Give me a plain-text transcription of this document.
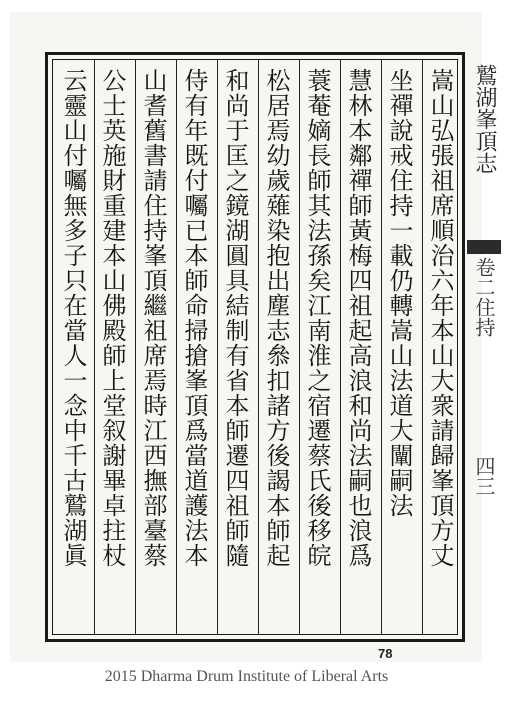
嵩山弘張祖席順治六年本山大衆請歸峯頂方丈
坐禪說戒住持一載仍轉嵩山法道大闡嗣法
慧林本鄰禪師黃梅四祖起高浪和尚法嗣也浪爲
蓑菴嫡長師其法孫矣江南淮之宿遷蔡氏後移皖
松居焉幼歲薙染抱出塵志叅扣諸方後謁本師起
和尚于匡之鏡湖圓具結制有省本師遷四祖師隨
侍有年既付囑已本師命掃搶峯頂爲當道護法本
山耆舊書請住持峯頂繼祖席焉時江西撫部臺蔡
公士英施財重建本山佛殿師上堂叙謝畢卓拄杖
云靈山付囑無多子只在當人一念中千古鷲湖眞	鷲湖峯頂志
卷二住持
四三
78
2015 Dharma Drum Institute of Liberal Arts
